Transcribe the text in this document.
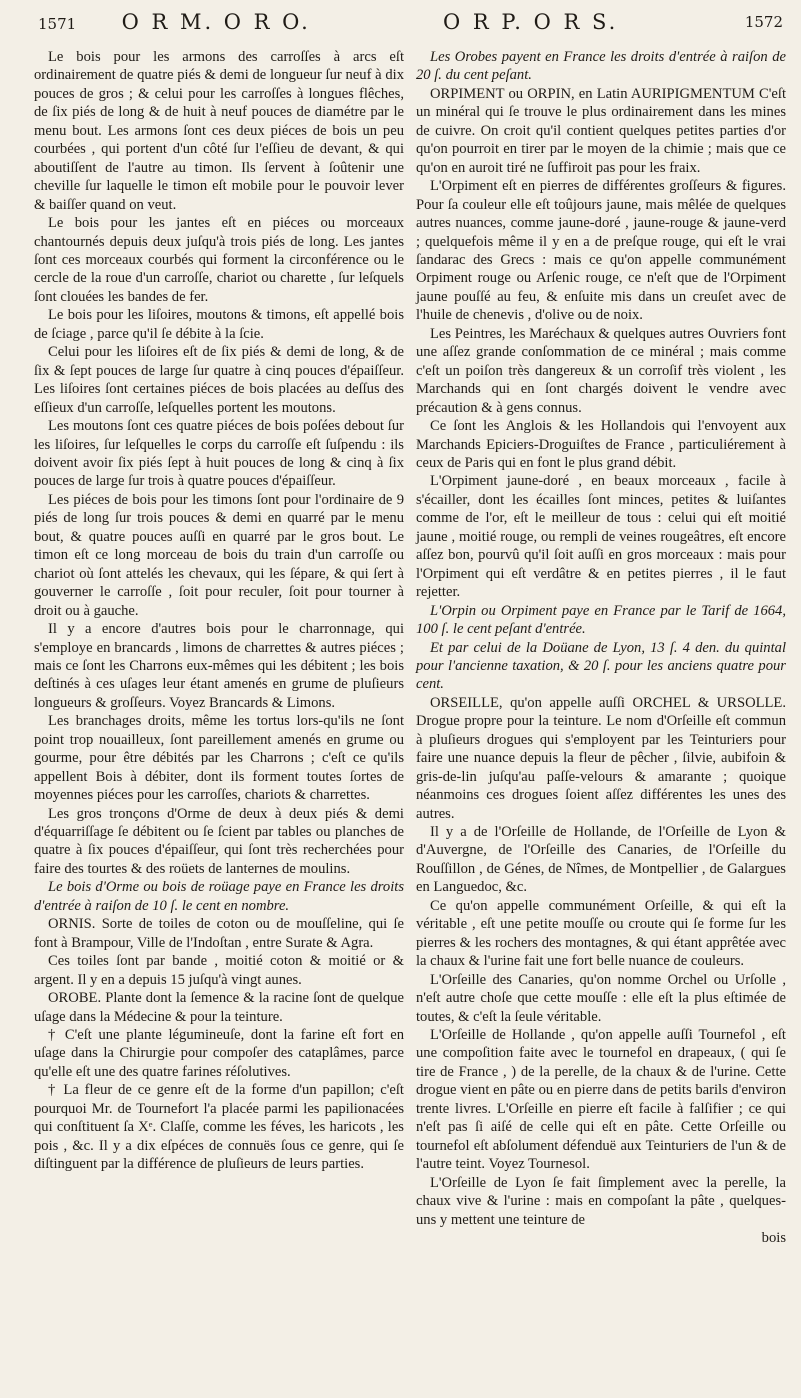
1571 O R M. O R O.	O R P. O R S.	1572

Le bois pour les armons des carroſſes à arcs eſt ordinairement de quatre piés & demi de longueur ſur neuf à dix pouces de gros ; & celui pour les carroſſes à longues flêches, de ſix piés de long & de huit à neuf pouces de diamétre par le menu bout. Les armons ſont ces deux piéces de bois un peu courbées , qui portent d'un côté ſur l'eſſieu de devant, & qui aboutiſſent de l'autre au timon. Ils ſervent à ſoûtenir une cheville ſur laquelle le timon eſt mobile pour le pouvoir lever & baiſſer quand on veut.

Le bois pour les jantes eſt en piéces ou morceaux chantournés depuis deux juſqu'à trois piés de long. Les jantes ſont ces morceaux courbés qui forment la circonférence ou le cercle de la roue d'un carroſſe, chariot ou charette , ſur leſquels ſont clouées les bandes de fer.

Le bois pour les liſoires, moutons & timons, eſt appellé bois de ſciage , parce qu'il ſe débite à la ſcie.

Celui pour les liſoires eſt de ſix piés & demi de long, & de ſix & ſept pouces de large ſur quatre à cinq pouces d'épaiſſeur. Les liſoires ſont certaines piéces de bois placées au deſſus des eſſieux d'un carroſſe, leſquelles portent les moutons.

Les moutons ſont ces quatre piéces de bois poſées debout ſur les liſoires, ſur leſquelles le corps du carroſſe eſt ſuſpendu : ils doivent avoir ſix piés ſept à huit pouces de long & cinq à ſix pouces de large ſur trois à quatre pouces d'épaiſſeur.

Les piéces de bois pour les timons ſont pour l'ordinaire de 9 piés de long ſur trois pouces & demi en quarré par le menu bout, & quatre pouces auſſi en quarré par le gros bout. Le timon eſt ce long morceau de bois du train d'un carroſſe ou chariot où ſont attelés les chevaux, qui les ſépare, & qui ſert à gouverner le carroſſe , ſoit pour reculer, ſoit pour tourner à droit ou à gauche.

Il y a encore d'autres bois pour le charronnage, qui s'employe en brancards , limons de charrettes & autres piéces ; mais ce ſont les Charrons eux-mêmes qui les débitent ; les bois deſtinés à ces uſages leur étant amenés en grume de pluſieurs longueurs & groſſeurs. Voyez Brancards & Limons.

Les branchages droits, même les tortus lors-qu'ils ne ſont point trop nouailleux, ſont pareillement amenés en grume ou gourme, pour être débités par les Charrons ; c'eſt ce qu'ils appellent Bois à débiter, dont ils forment toutes ſortes de moyennes piéces pour les carroſſes, chariots & charrettes.

Les gros tronçons d'Orme de deux à deux piés & demi d'équarriſſage ſe débitent ou ſe ſcient par tables ou planches de quatre à ſix pouces d'épaiſſeur, qui ſont très recherchées pour faire des tourtes & des roüets de lanternes de moulins.

Le bois d'Orme ou bois de roüage paye en France les droits d'entrée à raiſon de 10 ſ. le cent en nombre.

ORNIS. Sorte de toiles de coton ou de mouſſeline, qui ſe font à Brampour, Ville de l'Indoſtan , entre Surate & Agra.

Ces toiles ſont par bande , moitié coton & moitié or & argent. Il y en a depuis 15 juſqu'à vingt aunes.

OROBE. Plante dont la ſemence & la racine ſont de quelque uſage dans la Médecine & pour la teinture.

† C'eſt une plante légumineuſe, dont la farine eſt fort en uſage dans la Chirurgie pour compoſer des cataplâmes, parce qu'elle eſt une des quatre farines réſolutives.

† La fleur de ce genre eſt de la forme d'un papillon; c'eſt pourquoi Mr. de Tournefort l'a placée parmi les papilionacées qui conſtituent ſa Xᵉ. Claſſe, comme les féves, les haricots , les pois , &c. Il y a dix eſpéces de connuës ſous ce genre, qui ſe diſtinguent par la différence de pluſieurs de leurs parties.

Les Orobes payent en France les droits d'entrée à raiſon de 20 ſ. du cent peſant.

ORPIMENT ou ORPIN, en Latin AURIPIGMENTUM C'eſt un minéral qui ſe trouve le plus ordinairement dans les mines de cuivre. On croit qu'il contient quelques petites parties d'or qu'on pourroit en tirer par le moyen de la chimie ; mais que ce qu'on en auroit tiré ne ſuffiroit pas pour les fraix.

L'Orpiment eſt en pierres de différentes groſſeurs & figures. Pour ſa couleur elle eſt toûjours jaune, mais mêlée de quelques autres nuances, comme jaune-doré , jaune-rouge & jaune-verd ; quelquefois même il y en a de preſque rouge, qui eſt le vrai ſandarac des Grecs : mais ce qu'on appelle communément Orpiment rouge ou Arſenic rouge, ce n'eſt que de l'Orpiment jaune pouſſé au feu, & enſuite mis dans un creuſet avec de l'huile de chenevis , d'olive ou de noix.

Les Peintres, les Maréchaux & quelques autres Ouvriers font une aſſez grande conſommation de ce minéral ; mais comme c'eſt un poiſon très dangereux & un corroſif très violent , les Marchands qui en ſont chargés doivent le vendre avec précaution & à gens connus.

Ce ſont les Anglois & les Hollandois qui l'envoyent aux Marchands Epiciers-Droguiſtes de France , particuliérement à ceux de Paris qui en font le plus grand débit.

L'Orpiment jaune-doré , en beaux morceaux , facile à s'écailler, dont les écailles ſont minces, petites & luiſantes comme de l'or, eſt le meilleur de tous : celui qui eſt moitié jaune , moitié rouge, ou rempli de veines rougeâtres, eſt encore aſſez bon, pourvû qu'il ſoit auſſi en gros morceaux : mais pour l'Orpiment qui eſt verdâtre & en petites pierres , il le faut rejetter.

L'Orpin ou Orpiment paye en France par le Tarif de 1664, 100 ſ. le cent peſant d'entrée.

Et par celui de la Doüane de Lyon, 13 ſ. 4 den. du quintal pour l'ancienne taxation, & 20 ſ. pour les anciens quatre pour cent.

ORSEILLE, qu'on appelle auſſi ORCHEL & URSOLLE. Drogue propre pour la teinture. Le nom d'Orſeille eſt commun à pluſieurs drogues qui s'employent par les Teinturiers pour faire une nuance depuis la fleur de pêcher , ſilvie, aubifoin & gris-de-lin juſqu'au paſſe-velours & amarante ; quoique néanmoins ces drogues ſoient aſſez différentes les unes des autres.

Il y a de l'Orſeille de Hollande, de l'Orſeille de Lyon & d'Auvergne, de l'Orſeille des Canaries, de l'Orſeille du Rouſſillon , de Génes, de Nîmes, de Montpellier , de Galargues en Languedoc, &c.

Ce qu'on appelle communément Orſeille, & qui eſt la véritable , eſt une petite mouſſe ou croute qui ſe forme ſur les pierres & les rochers des montagnes, & qui étant apprêtée avec la chaux & l'urine fait une fort belle nuance de couleurs.

L'Orſeille des Canaries, qu'on nomme Orchel ou Urſolle , n'eſt autre choſe que cette mouſſe : elle eſt la plus eſtimée de toutes, & c'eſt la ſeule véritable.

L'Orſeille de Hollande , qu'on appelle auſſi Tournefol , eſt une compoſition faite avec le tournefol en drapeaux, ( qui ſe tire de France , ) de la perelle, de la chaux & de l'urine. Cette drogue vient en pâte ou en pierre dans de petits barils d'environ trente livres. L'Orſeille en pierre eſt facile à falſifier ; ce qui n'eſt pas ſi aiſé de celle qui eſt en pâte. Cette Orſeille ou tournefol eſt abſolument défenduë aux Teinturiers de l'un & de l'autre teint. Voyez Tournesol.

L'Orſeille de Lyon ſe fait ſimplement avec la perelle, la chaux vive & l'urine : mais en compoſant la pâte , quelques-uns y mettent une teinture de

bois
